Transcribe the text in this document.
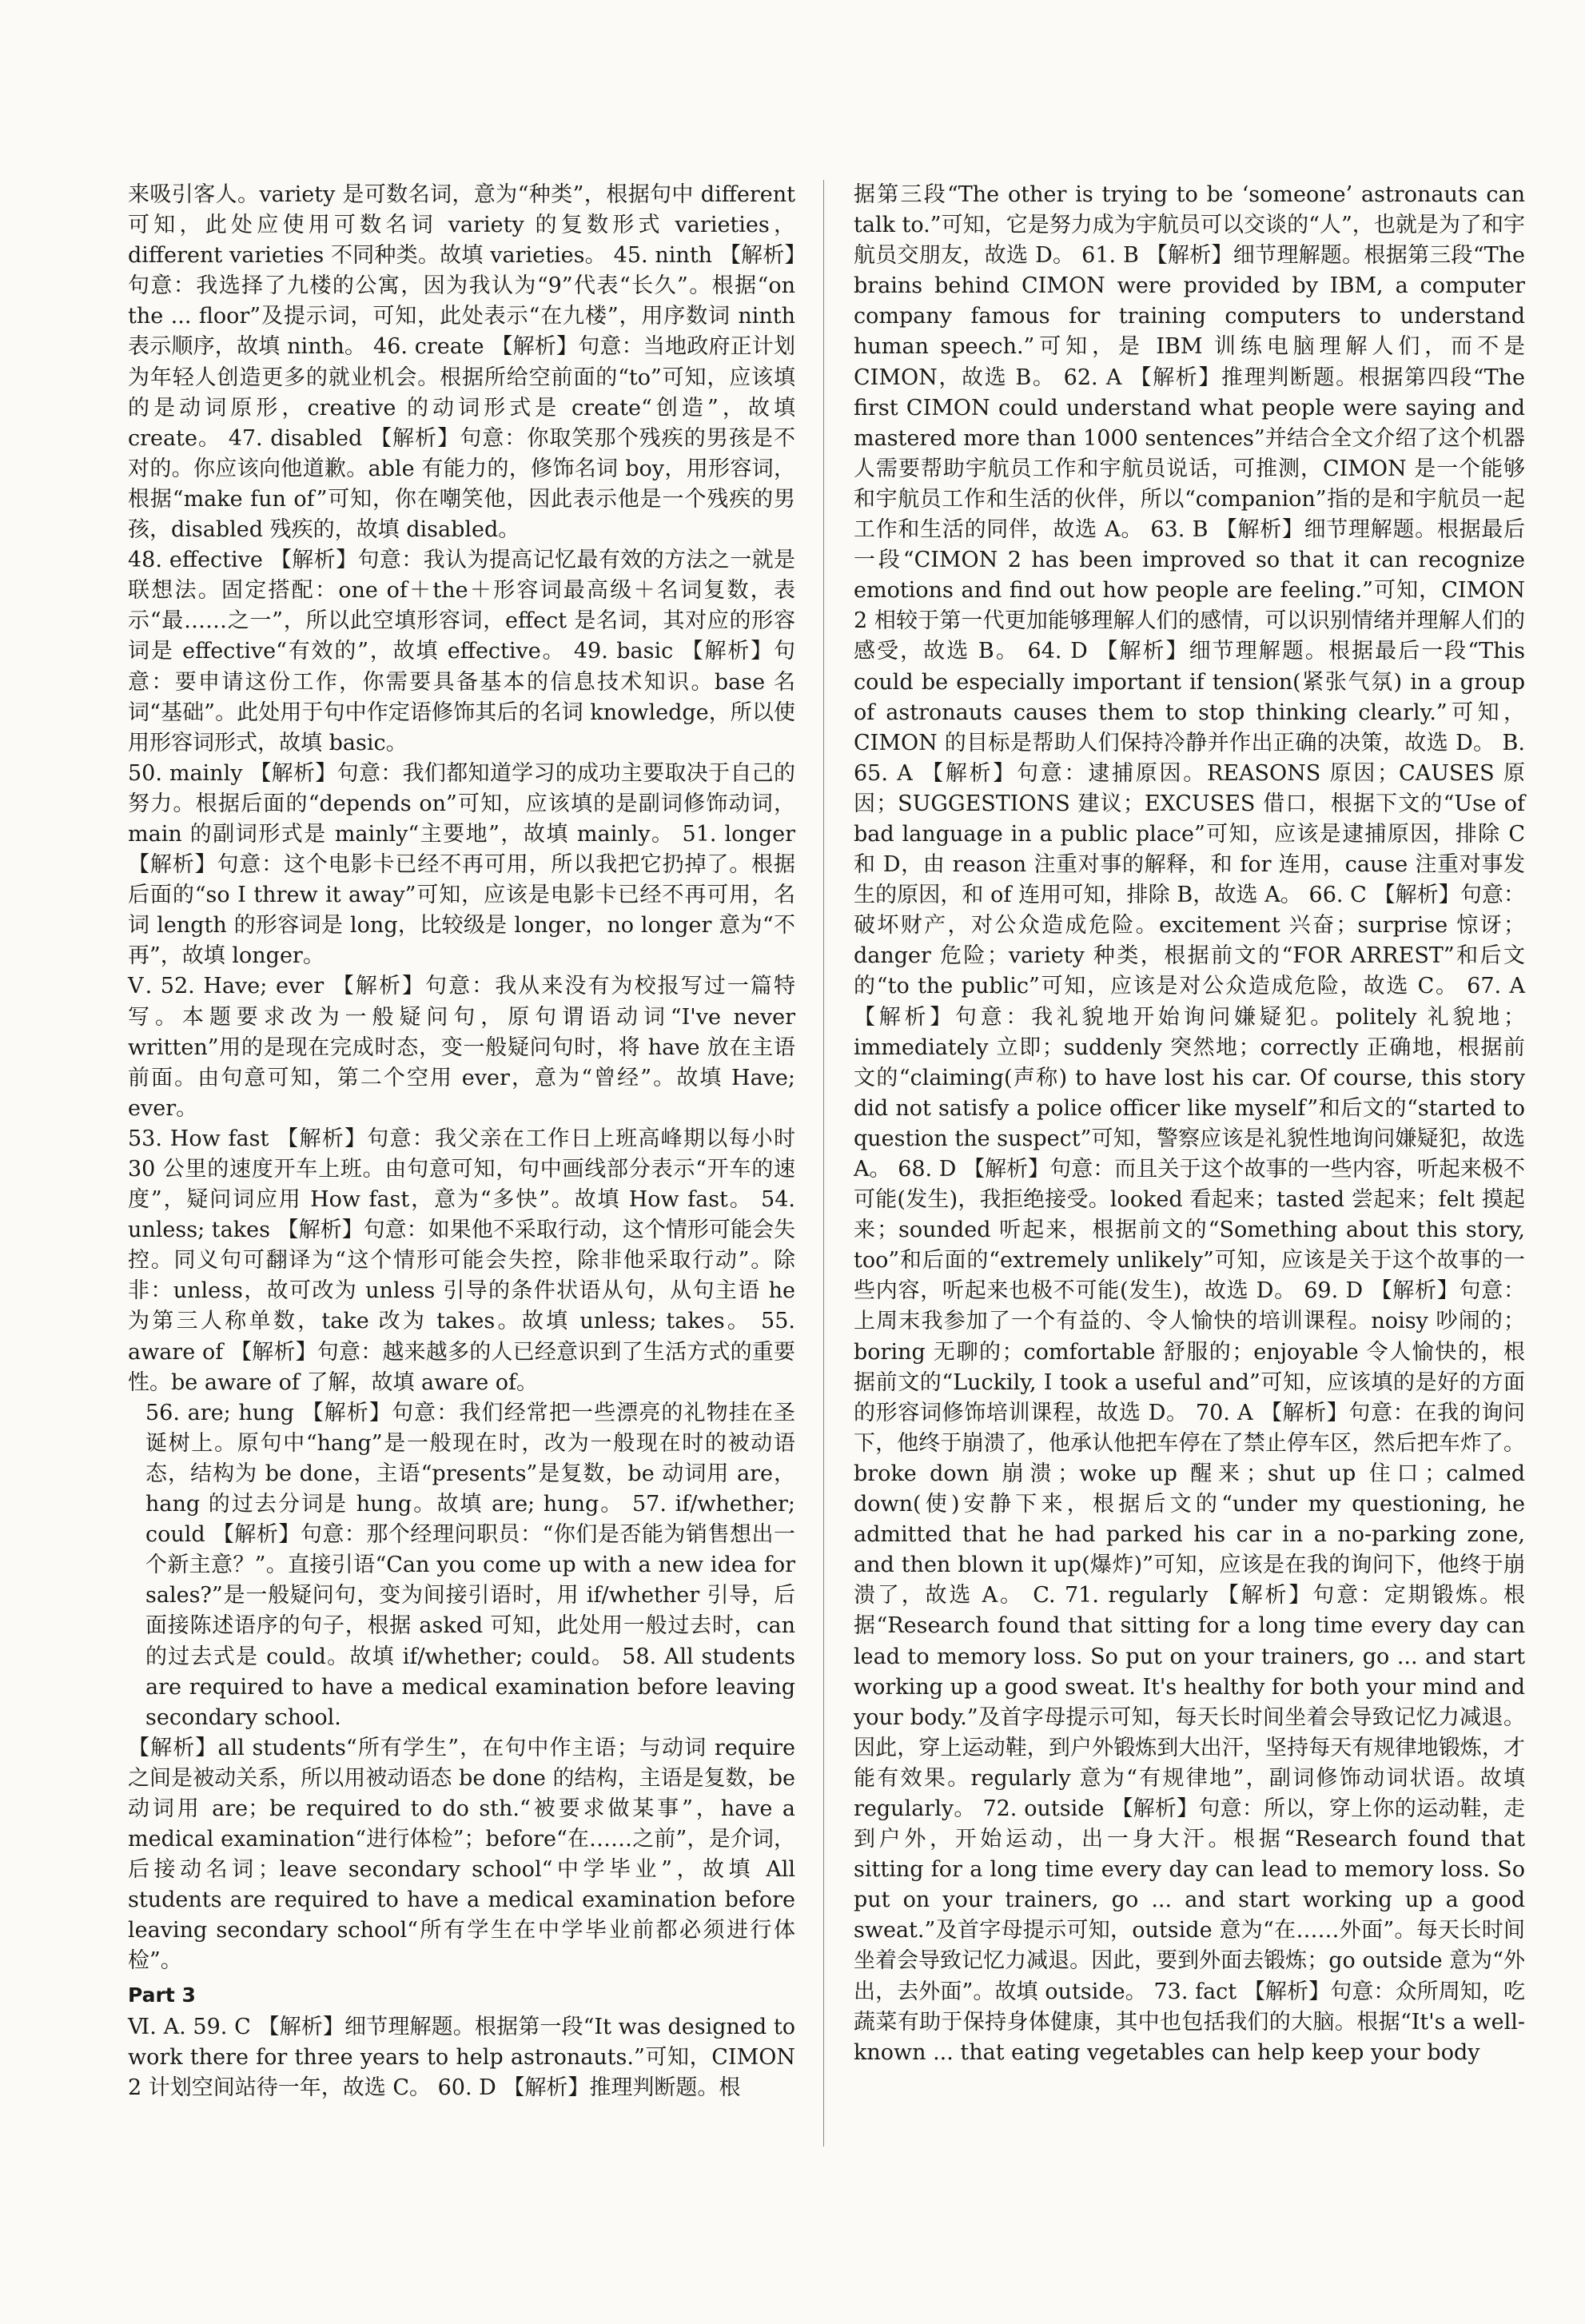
来吸引客人。variety 是可数名词，意为“种类”，根据句中 different 可知，此处应使用可数名词 variety 的复数形式 varieties，different varieties 不同种类。故填 varieties。 45. ninth 【解析】句意：我选择了九楼的公寓，因为我认为“9”代表“长久”。根据“on the ... floor”及提示词，可知，此处表示“在九楼”，用序数词 ninth 表示顺序，故填 ninth。 46. create 【解析】句意：当地政府正计划为年轻人创造更多的就业机会。根据所给空前面的“to”可知，应该填的是动词原形，creative 的动词形式是 create“创造”，故填 create。 47. disabled 【解析】句意：你取笑那个残疾的男孩是不对的。你应该向他道歉。able 有能力的，修饰名词 boy，用形容词，根据“make fun of”可知，你在嘲笑他，因此表示他是一个残疾的男孩，disabled 残疾的，故填 disabled。

48. effective 【解析】句意：我认为提高记忆最有效的方法之一就是联想法。固定搭配：one of＋the＋形容词最高级＋名词复数，表示“最……之一”，所以此空填形容词，effect 是名词，其对应的形容词是 effective“有效的”，故填 effective。 49. basic 【解析】句意：要申请这份工作，你需要具备基本的信息技术知识。base 名词“基础”。此处用于句中作定语修饰其后的名词 knowledge，所以使用形容词形式，故填 basic。

50. mainly 【解析】句意：我们都知道学习的成功主要取决于自己的努力。根据后面的“depends on”可知，应该填的是副词修饰动词，main 的副词形式是 mainly“主要地”，故填 mainly。 51. longer 【解析】句意：这个电影卡已经不再可用，所以我把它扔掉了。根据后面的“so I threw it away”可知，应该是电影卡已经不再可用，名词 length 的形容词是 long，比较级是 longer，no longer 意为“不再”，故填 longer。

Ⅴ. 52. Have; ever 【解析】句意：我从来没有为校报写过一篇特写。本题要求改为一般疑问句，原句谓语动词“I've never written”用的是现在完成时态，变一般疑问句时，将 have 放在主语前面。由句意可知，第二个空用 ever，意为“曾经”。故填 Have; ever。

53. How fast 【解析】句意：我父亲在工作日上班高峰期以每小时 30 公里的速度开车上班。由句意可知，句中画线部分表示“开车的速度”，疑问词应用 How fast，意为“多快”。故填 How fast。 54. unless; takes 【解析】句意：如果他不采取行动，这个情形可能会失控。同义句可翻译为“这个情形可能会失控，除非他采取行动”。除非：unless，故可改为 unless 引导的条件状语从句，从句主语 he 为第三人称单数，take 改为 takes。故填 unless; takes。 55. aware of 【解析】句意：越来越多的人已经意识到了生活方式的重要性。be aware of 了解，故填 aware of。

56. are; hung 【解析】句意：我们经常把一些漂亮的礼物挂在圣诞树上。原句中“hang”是一般现在时，改为一般现在时的被动语态，结构为 be done，主语“presents”是复数，be 动词用 are，hang 的过去分词是 hung。故填 are; hung。 57. if/whether; could 【解析】句意：那个经理问职员：“你们是否能为销售想出一个新主意？”。直接引语“Can you come up with a new idea for sales?”是一般疑问句，变为间接引语时，用 if/whether 引导，后面接陈述语序的句子，根据 asked 可知，此处用一般过去时，can 的过去式是 could。故填 if/whether; could。 58. All students are required to have a medical examination before leaving secondary school.

【解析】all students“所有学生”，在句中作主语；与动词 require 之间是被动关系，所以用被动语态 be done 的结构，主语是复数，be 动词用 are；be required to do sth.“被要求做某事”，have a medical examination“进行体检”；before“在……之前”，是介词，后接动名词；leave secondary school“中学毕业”，故填 All students are required to have a medical examination before leaving secondary school“所有学生在中学毕业前都必须进行体检”。

Part 3

Ⅵ. A. 59. C 【解析】细节理解题。根据第一段“It was designed to work there for three years to help astronauts.”可知，CIMON 2 计划空间站待一年，故选 C。 60. D 【解析】推理判断题。根

据第三段“The other is trying to be ‘someone’ astronauts can talk to.”可知，它是努力成为宇航员可以交谈的“人”，也就是为了和宇航员交朋友，故选 D。 61. B 【解析】细节理解题。根据第三段“The brains behind CIMON were provided by IBM, a computer company famous for training computers to understand human speech.”可知，是 IBM 训练电脑理解人们，而不是 CIMON，故选 B。 62. A 【解析】推理判断题。根据第四段“The first CIMON could understand what people were saying and mastered more than 1000 sentences”并结合全文介绍了这个机器人需要帮助宇航员工作和宇航员说话，可推测，CIMON 是一个能够和宇航员工作和生活的伙伴，所以“companion”指的是和宇航员一起工作和生活的同伴，故选 A。 63. B 【解析】细节理解题。根据最后一段“CIMON 2 has been improved so that it can recognize emotions and find out how people are feeling.”可知，CIMON 2 相较于第一代更加能够理解人们的感情，可以识别情绪并理解人们的感受，故选 B。 64. D 【解析】细节理解题。根据最后一段“This could be especially important if tension(紧张气氛) in a group of astronauts causes them to stop thinking clearly.”可知，CIMON 的目标是帮助人们保持冷静并作出正确的决策，故选 D。 B. 65. A 【解析】句意：逮捕原因。REASONS 原因；CAUSES 原因；SUGGESTIONS 建议；EXCUSES 借口，根据下文的“Use of bad language in a public place”可知，应该是逮捕原因，排除 C 和 D，由 reason 注重对事的解释，和 for 连用，cause 注重对事发生的原因，和 of 连用可知，排除 B，故选 A。 66. C 【解析】句意：破坏财产，对公众造成危险。excitement 兴奋；surprise 惊讶；danger 危险；variety 种类，根据前文的“FOR ARREST”和后文的“to the public”可知，应该是对公众造成危险，故选 C。 67. A 【解析】句意：我礼貌地开始询问嫌疑犯。politely 礼貌地；immediately 立即；suddenly 突然地；correctly 正确地，根据前文的“claiming(声称) to have lost his car. Of course, this story did not satisfy a police officer like myself”和后文的“started to question the suspect”可知，警察应该是礼貌性地询问嫌疑犯，故选 A。 68. D 【解析】句意：而且关于这个故事的一些内容，听起来极不可能(发生)，我拒绝接受。looked 看起来；tasted 尝起来；felt 摸起来；sounded 听起来，根据前文的“Something about this story, too”和后面的“extremely unlikely”可知，应该是关于这个故事的一些内容，听起来也极不可能(发生)，故选 D。 69. D 【解析】句意：上周末我参加了一个有益的、令人愉快的培训课程。noisy 吵闹的；boring 无聊的；comfortable 舒服的；enjoyable 令人愉快的，根据前文的“Luckily, I took a useful and”可知，应该填的是好的方面的形容词修饰培训课程，故选 D。 70. A 【解析】句意：在我的询问下，他终于崩溃了，他承认他把车停在了禁止停车区，然后把车炸了。broke down 崩溃；woke up 醒来；shut up 住口；calmed down(使)安静下来，根据后文的“under my questioning, he admitted that he had parked his car in a no-parking zone, and then blown it up(爆炸)”可知，应该是在我的询问下，他终于崩溃了，故选 A。 C. 71. regularly 【解析】句意：定期锻炼。根据“Research found that sitting for a long time every day can lead to memory loss. So put on your trainers, go ... and start working up a good sweat. It's healthy for both your mind and your body.”及首字母提示可知，每天长时间坐着会导致记忆力减退。因此，穿上运动鞋，到户外锻炼到大出汗，坚持每天有规律地锻炼，才能有效果。regularly 意为“有规律地”，副词修饰动词状语。故填 regularly。 72. outside 【解析】句意：所以，穿上你的运动鞋，走到户外，开始运动，出一身大汗。根据“Research found that sitting for a long time every day can lead to memory loss. So put on your trainers, go ... and start working up a good sweat.”及首字母提示可知，outside 意为“在……外面”。每天长时间坐着会导致记忆力减退。因此，要到外面去锻炼；go outside 意为“外出，去外面”。故填 outside。 73. fact 【解析】句意：众所周知，吃蔬菜有助于保持身体健康，其中也包括我们的大脑。根据“It's a well-known ... that eating vegetables can help keep your body
